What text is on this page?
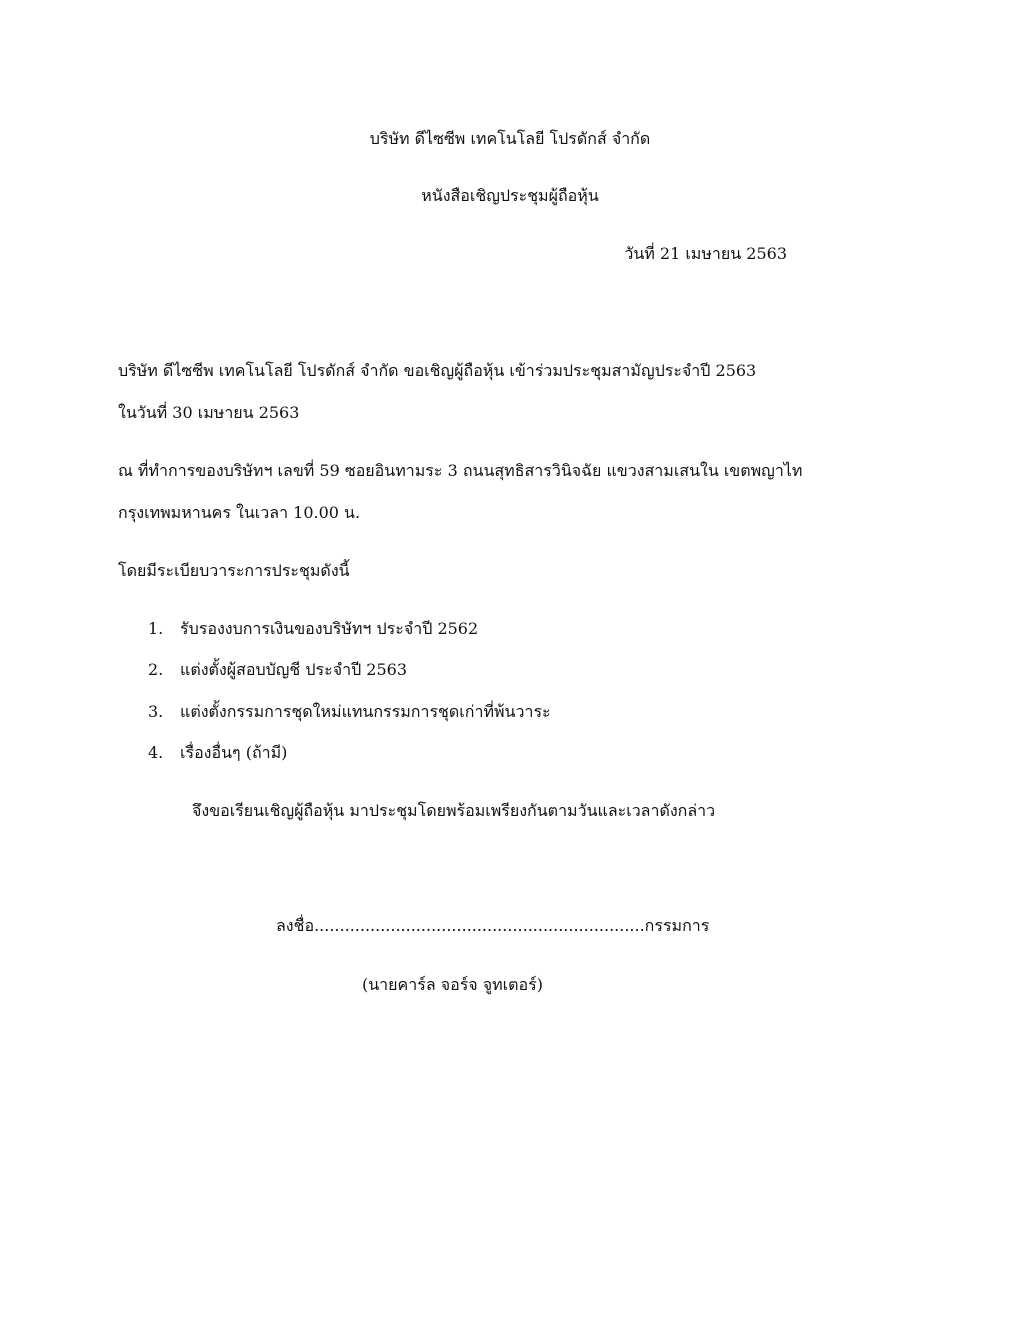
บริษัท ดีไซซีพ เทคโนโลยี โปรดักส์ จำกัด
หนังสือเชิญประชุมผู้ถือหุ้น
วันที่ 21 เมษายน 2563
บริษัท ดีไซซีพ เทคโนโลยี โปรดักส์ จำกัด ขอเชิญผู้ถือหุ้น เข้าร่วมประชุมสามัญประจำปี 2563
ในวันที่ 30 เมษายน 2563
ณ ที่ทำการของบริษัทฯ เลขที่ 59 ซอยอินทามระ 3 ถนนสุทธิสารวินิจฉัย แขวงสามเสนใน เขตพญาไท
กรุงเทพมหานคร ในเวลา 10.00 น.
โดยมีระเบียบวาระการประชุมดังนี้
1. รับรองงบการเงินของบริษัทฯ ประจำปี 2562
2. แต่งตั้งผู้สอบบัญชี ประจำปี 2563
3. แต่งตั้งกรรมการชุดใหม่แทนกรรมการชุดเก่าที่พ้นวาระ
4. เรื่องอื่นๆ (ถ้ามี)
จึงขอเรียนเชิญผู้ถือหุ้น มาประชุมโดยพร้อมเพรียงกันตามวันและเวลาดังกล่าว
ลงชื่อ.................................................................กรรมการ
(นายคาร์ล จอร์จ จูทเตอร์)
